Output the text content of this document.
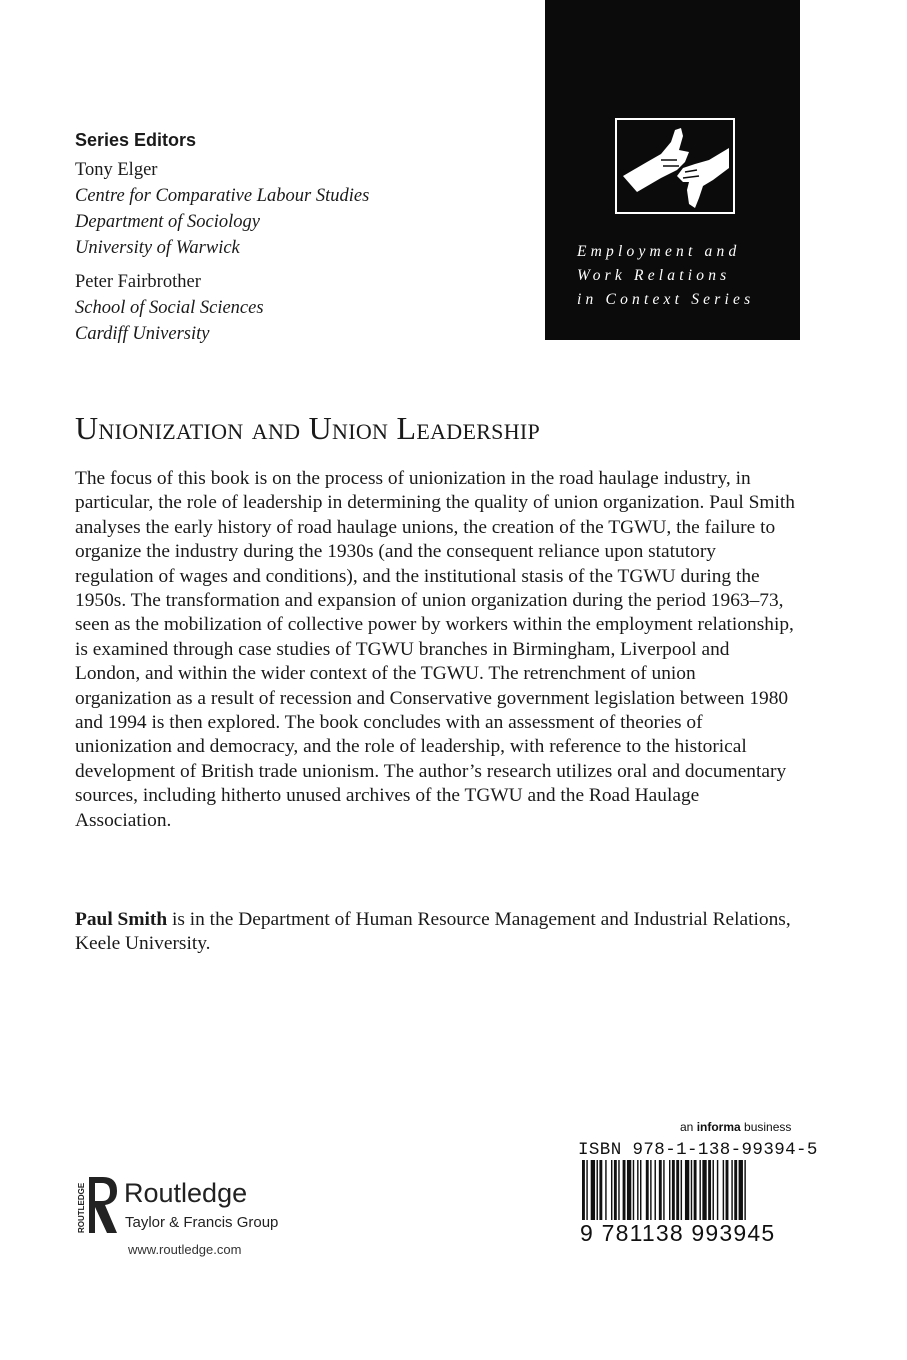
Series Editors
Tony Elger
Centre for Comparative Labour Studies
Department of Sociology
University of Warwick
Peter Fairbrother
School of Social Sciences
Cardiff University
Employment and
Work Relations
in Context Series
Unionization and Union Leadership

The focus of this book is on the process of unionization in the road haulage industry, in particular, the role of leadership in determining the quality of union organization. Paul Smith analyses the early history of road haulage unions, the creation of the TGWU, the failure to organize the industry during the 1930s (and the consequent reliance upon statutory regulation of wages and conditions), and the institutional stasis of the TGWU during the 1950s. The transformation and expansion of union organization during the period 1963–73, seen as the mobilization of collective power by workers within the employment relationship, is examined through case studies of TGWU branches in Birmingham, Liverpool and London, and within the wider context of the TGWU. The retrenchment of union organization as a result of recession and Conservative government legislation between 1980 and 1994 is then explored. The book concludes with an assessment of theories of unionization and democracy, and the role of leadership, with reference to the historical development of British trade unionism. The author’s research utilizes oral and documentary sources, including hitherto unused archives of the TGWU and the Road Haulage Association.

Paul Smith is in the Department of Human Resource Management and Industrial Relations, Keele University.

ROUTLEDGE Routledge
Taylor & Francis Group
www.routledge.com
an informa business
ISBN 978-1-138-99394-5
9 781138 993945
